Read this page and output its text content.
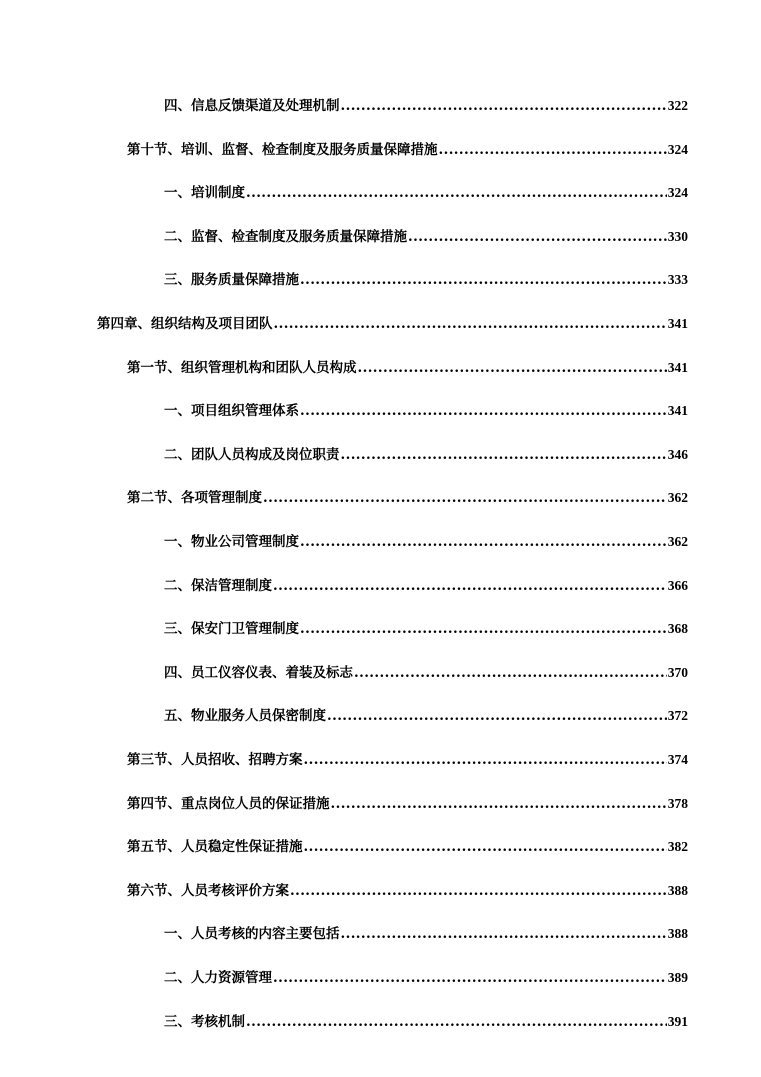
四、信息反馈渠道及处理机制 .....	322
第十节、培训、监督、检查制度及服务质量保障措施 .....	324
一、培训制度 .....	324
二、监督、检查制度及服务质量保障措施 .....	330
三、服务质量保障措施 .....	333
第四章、组织结构及项目团队 .....	341
第一节、组织管理机构和团队人员构成 .....	341
一、项目组织管理体系 .....	341
二、团队人员构成及岗位职责 .....	346
第二节、各项管理制度 .....	362
一、物业公司管理制度 .....	362
二、保洁管理制度 .....	366
三、保安门卫管理制度 .....	368
四、员工仪容仪表、着装及标志 .....	370
五、物业服务人员保密制度 .....	372
第三节、人员招收、招聘方案 .....	374
第四节、重点岗位人员的保证措施 .....	378
第五节、人员稳定性保证措施 .....	382
第六节、人员考核评价方案 .....	388
一、人员考核的内容主要包括 .....	388
二、人力资源管理 .....	389
三、考核机制 .....	391
